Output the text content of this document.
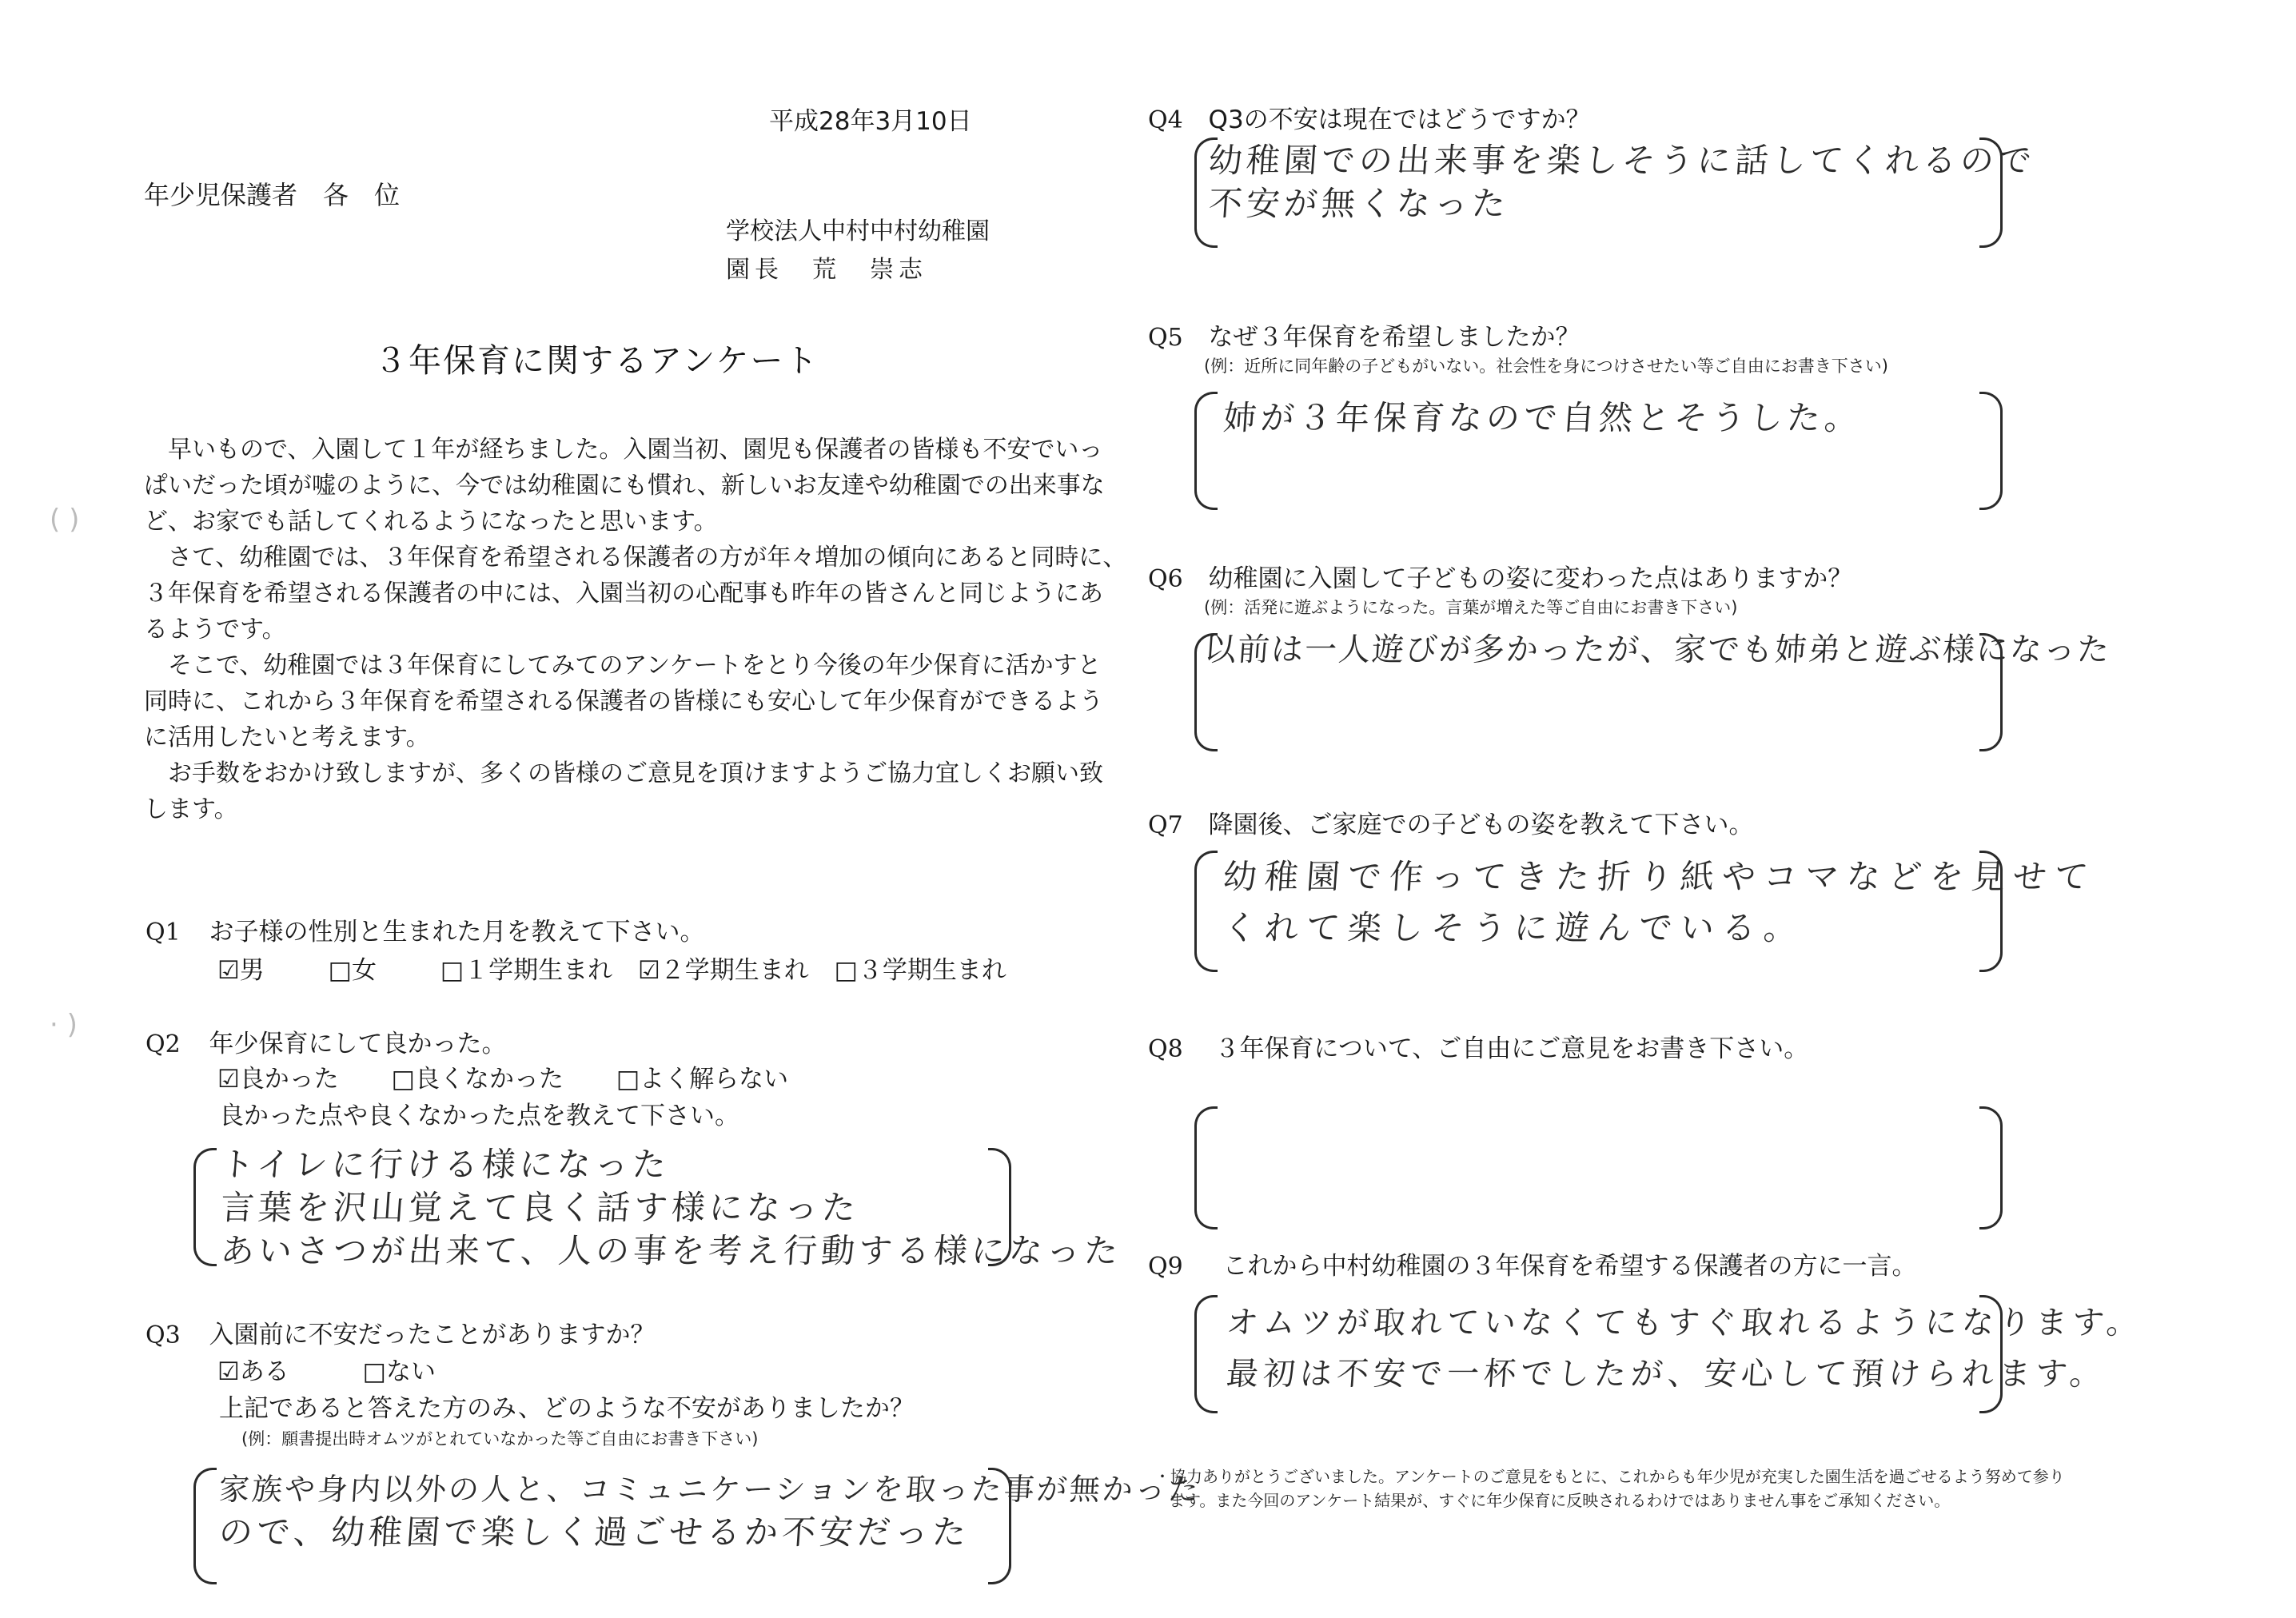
平成28年3月10日
年少児保護者　各　位
学校法人中村中村幼稚園
園長　荒　崇志
３年保育に関するアンケート
　早いもので、入園して１年が経ちました。入園当初、園児も保護者の皆様も不安でいっ
ぱいだった頃が嘘のように、今では幼稚園にも慣れ、新しいお友達や幼稚園での出来事な
ど、お家でも話してくれるようになったと思います。
　さて、幼稚園では、３年保育を希望される保護者の方が年々増加の傾向にあると同時に、
３年保育を希望される保護者の中には、入園当初の心配事も昨年の皆さんと同じようにあ
るようです。
　そこで、幼稚園では３年保育にしてみてのアンケートをとり今後の年少保育に活かすと
同時に、これから３年保育を希望される保護者の皆様にも安心して年少保育ができるよう
に活用したいと考えます。
　お手数をおかけ致しますが、多くの皆様のご意見を頂けますようご協力宜しくお願い致
します。
( )
· )
Q1 お子様の性別と生まれた月を教えて下さい。
☑男	□女	□１学期生まれ ☑２学期生まれ □３学期生まれ
Q2 年少保育にして良かった。
☑良かった □良くなかった □よく解らない
良かった点や良くなかった点を教えて下さい。
トイレに行ける様になった
言葉を沢山覚えて良く話す様になった
あいさつが出来て、人の事を考え行動する様になった
Q3 入園前に不安だったことがありますか？
☑ある	□ない
上記であると答えた方のみ、どのような不安がありましたか？
(例：願書提出時オムツがとれていなかった等ご自由にお書き下さい)
家族や身内以外の人と、コミュニケーションを取った事が無かった
ので、幼稚園で楽しく過ごせるか不安だった
Q4 Q3の不安は現在ではどうですか？
幼稚園での出来事を楽しそうに話してくれるので
不安が無くなった
Q5 なぜ３年保育を希望しましたか？
(例：近所に同年齢の子どもがいない。社会性を身につけさせたい等ご自由にお書き下さい)
姉が３年保育なので自然とそうした。
Q6 幼稚園に入園して子どもの姿に変わった点はありますか？
(例：活発に遊ぶようになった。言葉が増えた等ご自由にお書き下さい)
以前は一人遊びが多かったが、家でも姉弟と遊ぶ様になった
Q7 降園後、ご家庭での子どもの姿を教えて下さい。
幼稚園で作ってきた折り紙やコマなどを見せて
くれて楽しそうに遊んでいる。
Q8 ３年保育について、ご自由にご意見をお書き下さい。
Q9 これから中村幼稚園の３年保育を希望する保護者の方に一言。
オムツが取れていなくてもすぐ取れるようになります。
最初は不安で一杯でしたが、安心して預けられます。
・協力ありがとうございました。アンケートのご意見をもとに、これからも年少児が充実した園生活を過ごせるよう努めて参り
ます。また今回のアンケート結果が、すぐに年少保育に反映されるわけではありません事をご承知ください。
